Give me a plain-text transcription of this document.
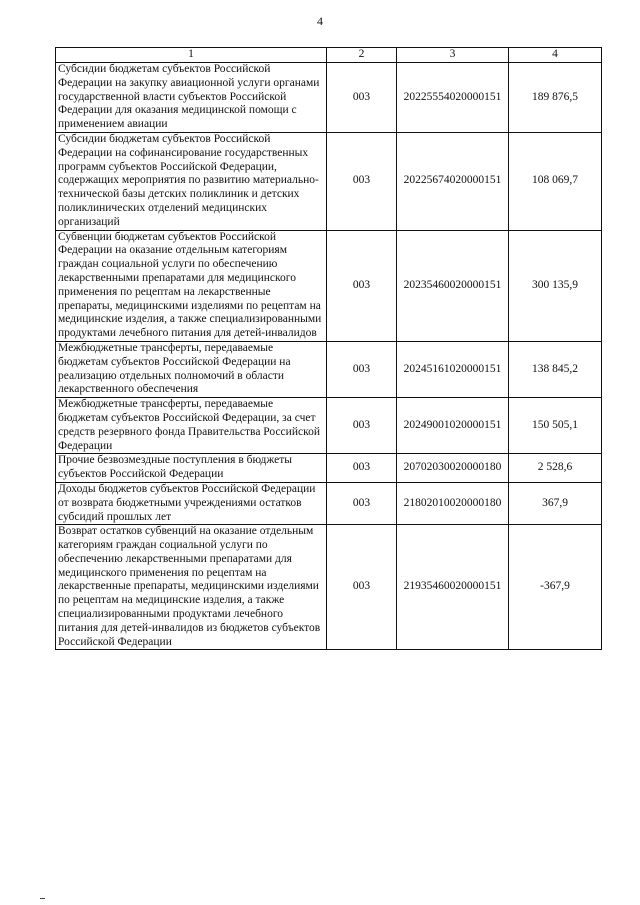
4
1	2	3	4
Субсидии бюджетам субъектов Российской Федерации на закупку авиационной услуги органами государственной власти субъектов Российской Федерации для оказания медицинской помощи с применением авиации	003	20225554020000151	189 876,5
Субсидии бюджетам субъектов Российской Федерации на софинансирование государственных программ субъектов Российской Федерации, содержащих мероприятия по развитию материально-технической базы детских поликлиник и детских поликлинических отделений медицинских организаций	003	20225674020000151	108 069,7
Субвенции бюджетам субъектов Российской Федерации на оказание отдельным категориям граждан социальной услуги по обеспечению лекарственными препаратами для медицинского применения по рецептам на лекарственные препараты, медицинскими изделиями по рецептам на медицинские изделия, а также специализированными продуктами лечебного питания для детей-инвалидов	003	20235460020000151	300 135,9
Межбюджетные трансферты, передаваемые бюджетам субъектов Российской Федерации на реализацию отдельных полномочий в области лекарственного обеспечения	003	20245161020000151	138 845,2
Межбюджетные трансферты, передаваемые бюджетам субъектов Российской Федерации, за счет средств резервного фонда Правительства Российской Федерации	003	20249001020000151	150 505,1
Прочие безвозмездные поступления в бюджеты субъектов Российской Федерации	003	20702030020000180	2 528,6
Доходы бюджетов субъектов Российской Федерации от возврата бюджетными учреждениями остатков субсидий прошлых лет	003	21802010020000180	367,9
Возврат остатков субвенций на оказание отдельным категориям граждан социальной услуги по обеспечению лекарственными препаратами для медицинского применения по рецептам на лекарственные препараты, медицинскими изделиями по рецептам на медицинские изделия, а также специализированными продуктами лечебного питания для детей-инвалидов из бюджетов субъектов Российской Федерации	003	21935460020000151	-367,9
